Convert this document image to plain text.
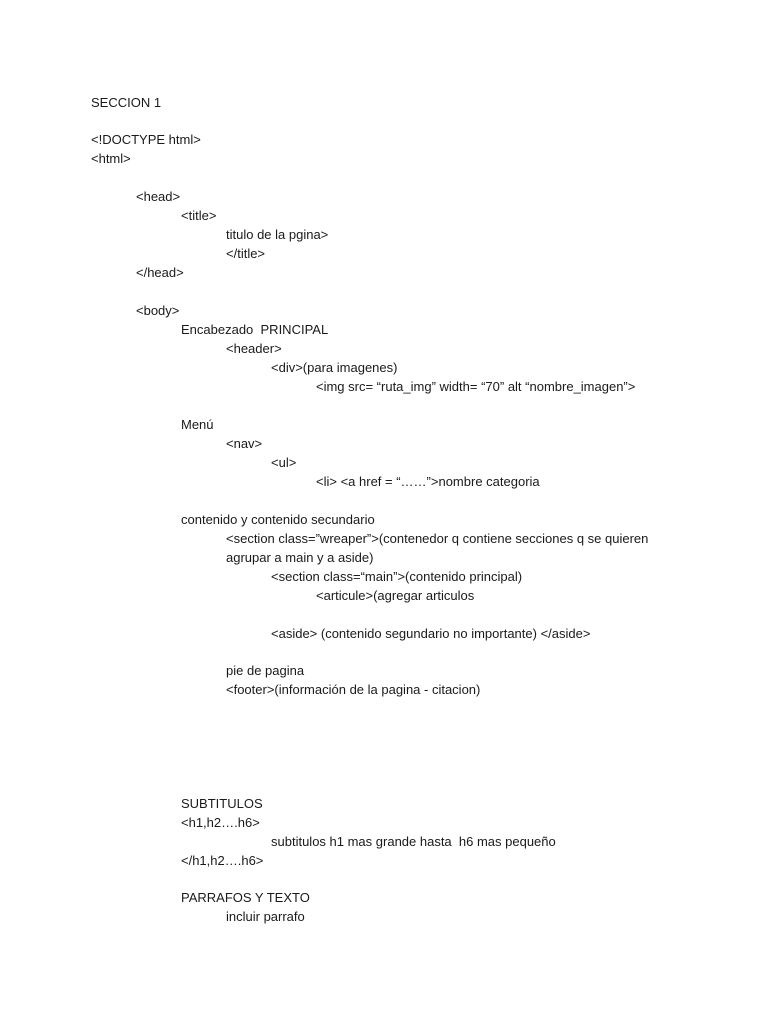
SECCION 1
<!DOCTYPE html>
<html>
<head>
<title>
titulo de la pgina>
</title>
</head>
<body>
Encabezado  PRINCIPAL
<header>
<div>(para imagenes)
<img src= “ruta_img” width= “70” alt “nombre_imagen”>
Menú
<nav>
<ul>
<li> <a href = “……”>nombre categoria
contenido y contenido secundario
<section class=”wreaper”>(contenedor q contiene secciones q se quieren
agrupar a main y a aside)
<section class=“main”>(contenido principal)
<articule>(agregar articulos
<aside> (contenido segundario no importante) </aside>
pie de pagina
<footer>(información de la pagina - citacion)
SUBTITULOS
<h1,h2….h6>
subtitulos h1 mas grande hasta  h6 mas pequeño
</h1,h2….h6>
PARRAFOS Y TEXTO
incluir parrafo
